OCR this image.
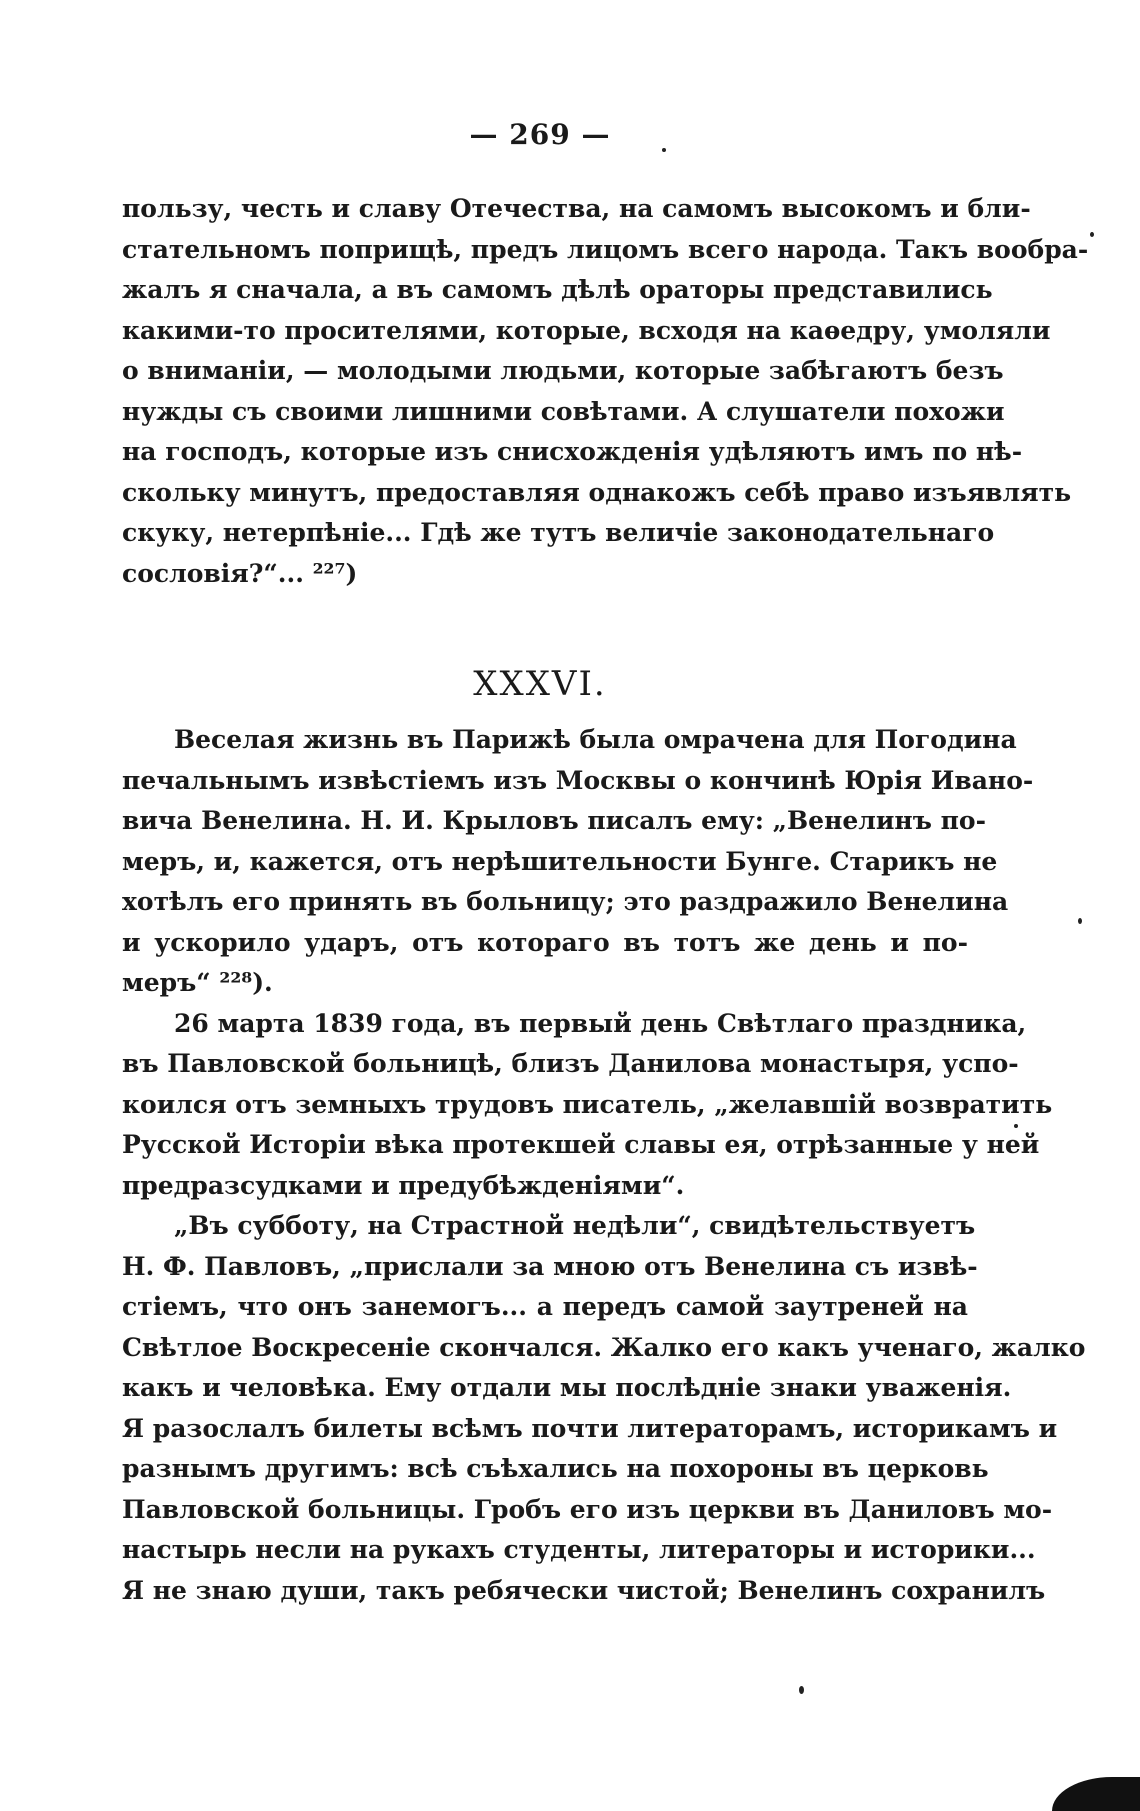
— 269 —
пользу, честь и славу Отечества, на самомъ высокомъ и бли-
стательномъ поприщѣ, предъ лицомъ всего народа. Такъ вообра-
жалъ я сначала, а въ самомъ дѣлѣ ораторы представились
какими-то просителями, которые, всходя на каѳедру, умоляли
о вниманіи, — молодыми людьми, которые забѣгаютъ безъ
нужды съ своими лишними совѣтами. А слушатели похожи
на господъ, которые изъ снисхожденія удѣляютъ имъ по нѣ-
скольку минутъ, предоставляя однакожъ себѣ право изъявлять
скуку, нетерпѣніе... Гдѣ же тутъ величіе законодательнаго
сословія?“... ²²⁷)
XXXVI.
Веселая жизнь въ Парижѣ была омрачена для Погодина
печальнымъ извѣстіемъ изъ Москвы о кончинѣ Юрія Ивано-
вича Венелина. Н. И. Крыловъ писалъ ему: „Венелинъ по-
меръ, и, кажется, отъ нерѣшительности Бунге. Старикъ не
хотѣлъ его принять въ больницу; это раздражило Венелина
и ускорило ударъ, отъ котораго въ тотъ же день и по-
меръ“ ²²⁸).
26 марта 1839 года, въ первый день Свѣтлаго праздника,
въ Павловской больницѣ, близъ Данилова монастыря, успо-
коился отъ земныхъ трудовъ писатель, „желавшій возвратить
Русской Исторіи вѣка протекшей славы ея, отрѣзанные у ней
предразсудками и предубѣжденіями“.
„Въ субботу, на Страстной недѣли“, свидѣтельствуетъ
Н. Ф. Павловъ, „прислали за мною отъ Венелина съ извѣ-
стіемъ, что онъ занемогъ... а передъ самой заутреней на
Свѣтлое Воскресеніе скончался. Жалко его какъ ученаго, жалко
какъ и человѣка. Ему отдали мы послѣдніе знаки уваженія.
Я разослалъ билеты всѣмъ почти литераторамъ, историкамъ и
разнымъ другимъ: всѣ съѣхались на похороны въ церковь
Павловской больницы. Гробъ его изъ церкви въ Даниловъ мо-
настырь несли на рукахъ студенты, литераторы и историки...
Я не знаю души, такъ ребячески чистой; Венелинъ сохранилъ
